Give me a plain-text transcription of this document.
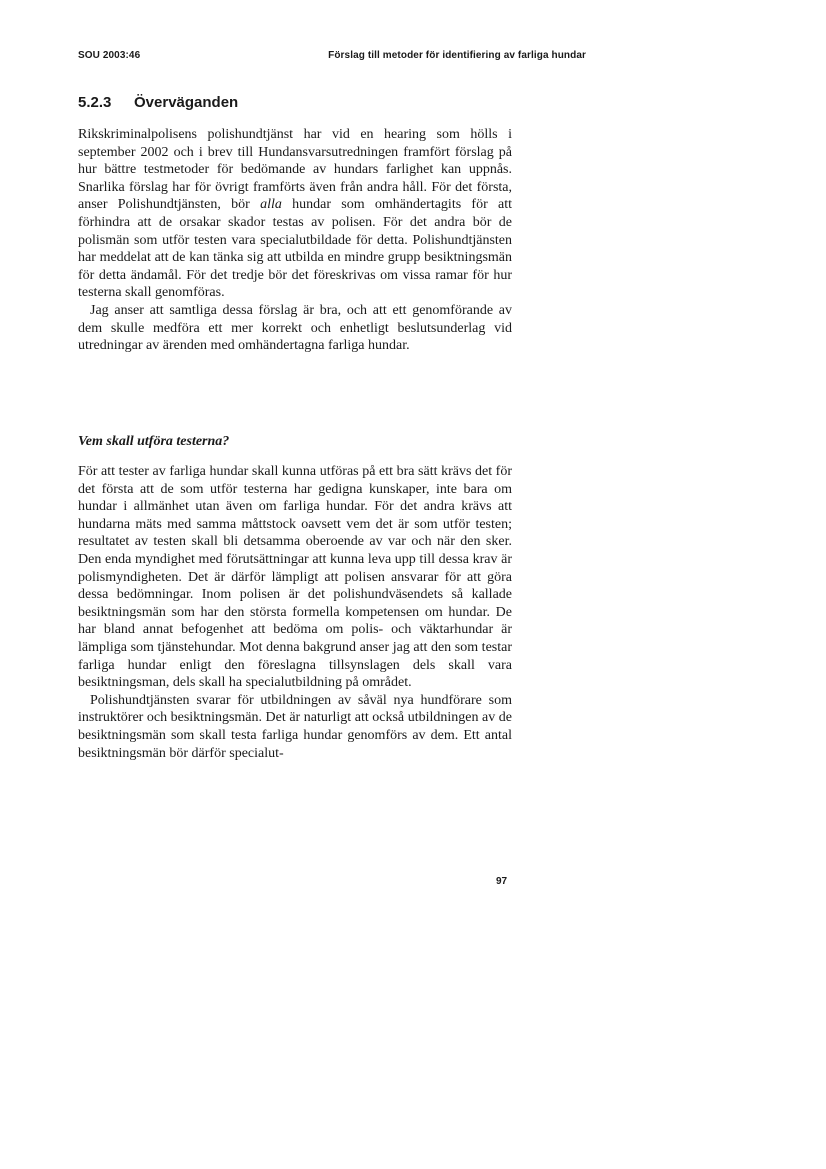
SOU 2003:46	Förslag till metoder för identifiering av farliga hundar
5.2.3 Överväganden

Rikskriminalpolisens polishundtjänst har vid en hearing som hölls i september 2002 och i brev till Hundansvarsutredningen framfört förslag på hur bättre testmetoder för bedömande av hundars farlighet kan uppnås. Snarlika förslag har för övrigt framförts även från andra håll. För det första, anser Polishundtjänsten, bör alla hundar som omhändertagits för att förhindra att de orsakar skador testas av polisen. För det andra bör de polismän som utför testen vara specialutbildade för detta. Polishundtjänsten har meddelat att de kan tänka sig att utbilda en mindre grupp besiktningsmän för detta ändamål. För det tredje bör det föreskrivas om vissa ramar för hur testerna skall genomföras.

Jag anser att samtliga dessa förslag är bra, och att ett genomförande av dem skulle medföra ett mer korrekt och enhetligt beslutsunderlag vid utredningar av ärenden med omhändertagna farliga hundar.

Vem skall utföra testerna?

För att tester av farliga hundar skall kunna utföras på ett bra sätt krävs det för det första att de som utför testerna har gedigna kunskaper, inte bara om hundar i allmänhet utan även om farliga hundar. För det andra krävs att hundarna mäts med samma måttstock oavsett vem det är som utför testen; resultatet av testen skall bli detsamma oberoende av var och när den sker. Den enda myndighet med förutsättningar att kunna leva upp till dessa krav är polismyndigheten. Det är därför lämpligt att polisen ansvarar för att göra dessa bedömningar. Inom polisen är det polishundväsendets så kallade besiktningsmän som har den största formella kompetensen om hundar. De har bland annat befogenhet att bedöma om polis- och väktarhundar är lämpliga som tjänstehundar. Mot denna bakgrund anser jag att den som testar farliga hundar enligt den föreslagna tillsynslagen dels skall vara besiktningsman, dels skall ha specialutbildning på området.

Polishundtjänsten svarar för utbildningen av såväl nya hundförare som instruktörer och besiktningsmän. Det är naturligt att också utbildningen av de besiktningsmän som skall testa farliga hundar genomförs av dem. Ett antal besiktningsmän bör därför specialut-

97
